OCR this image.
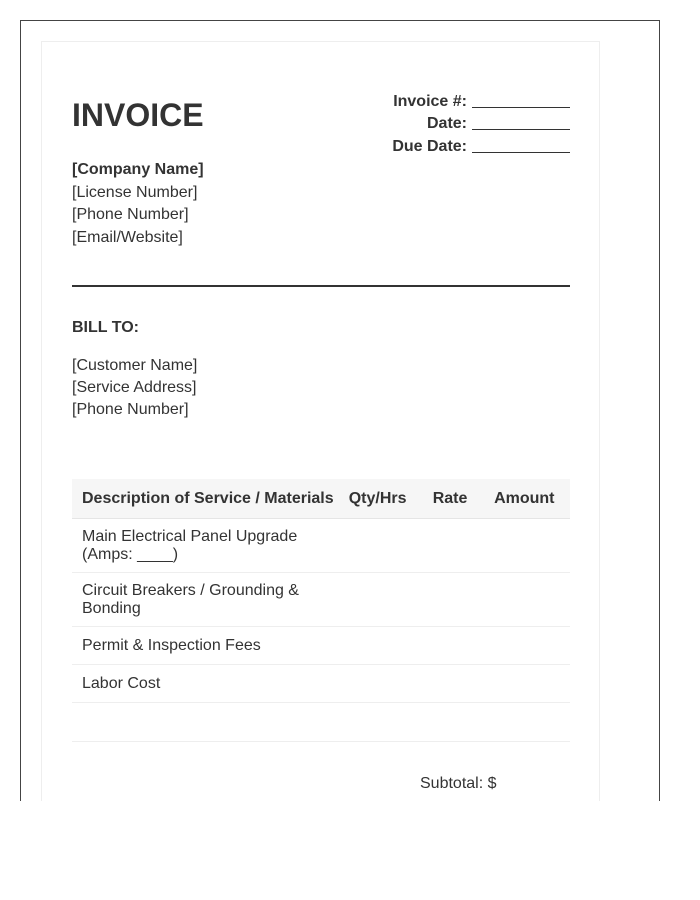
INVOICE	Invoice #:
Date:
Due Date:
[Company Name]
[License Number]
[Phone Number]
[Email/Website]
BILL TO:
[Customer Name]
[Service Address]
[Phone Number]
Description of Service / Materials	Qty/Hrs	Rate	Amount
Main Electrical Panel Upgrade (Amps: ____)			
Circuit Breakers / Grounding & Bonding			
Permit & Inspection Fees			
Labor Cost			

Subtotal: $
